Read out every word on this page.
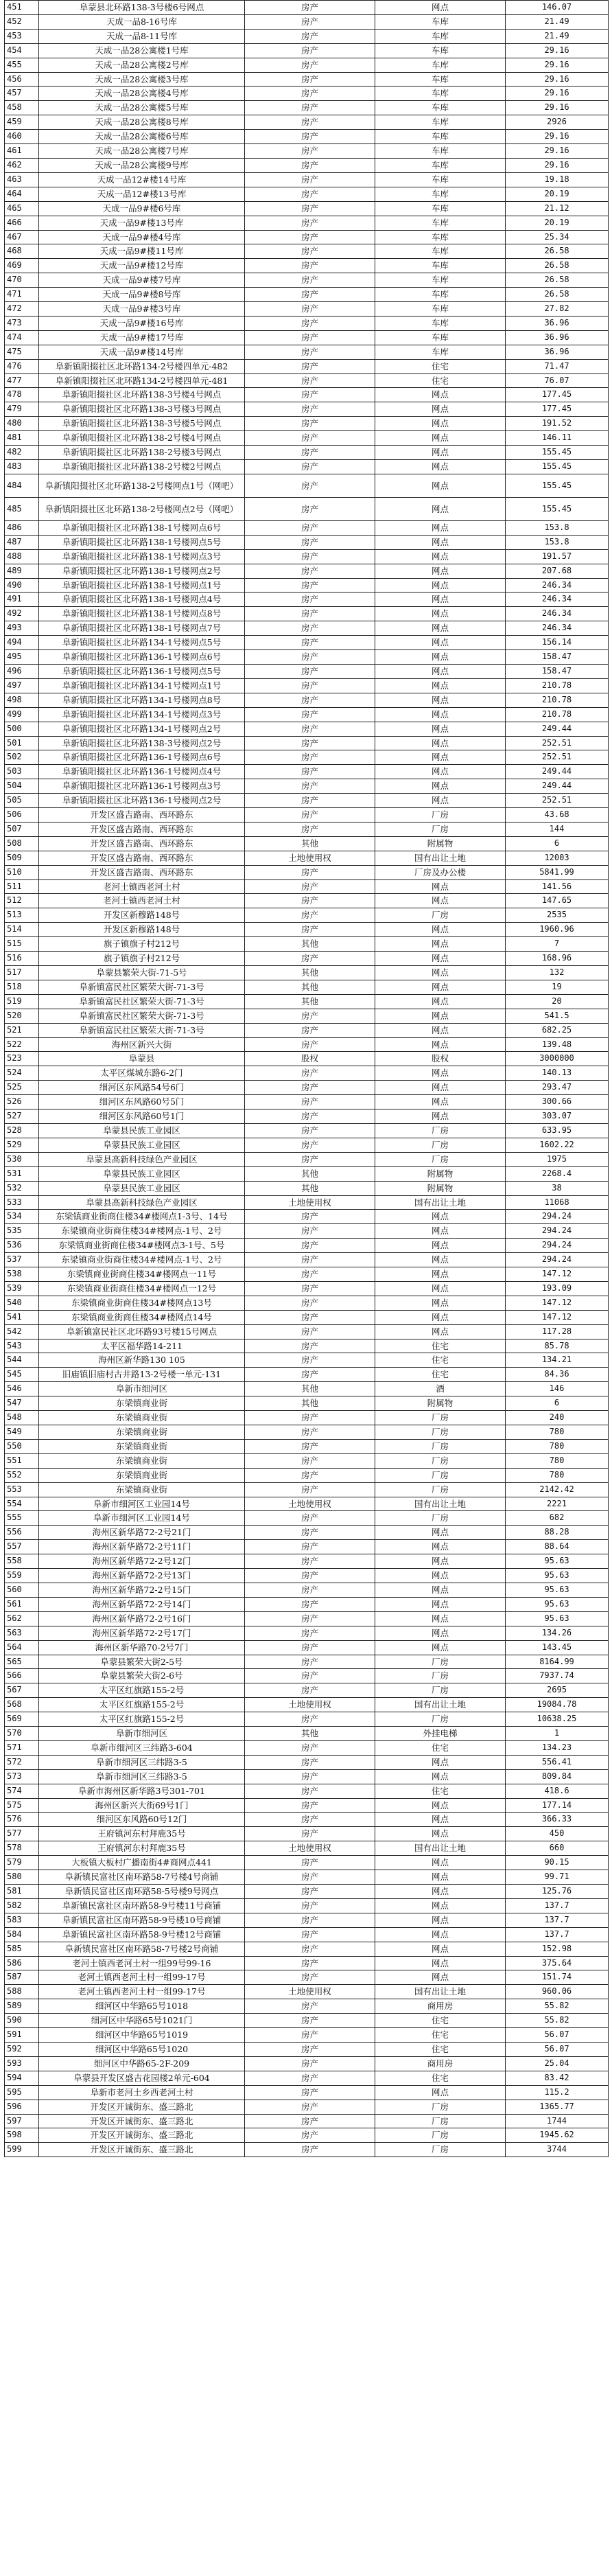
451	阜蒙县北环路138-3号楼6号网点	房产	网点	146.07
452	天成一品8-16号库	房产	车库	21.49
453	天成一品8-11号库	房产	车库	21.49
454	天成一品28公寓楼1号库	房产	车库	29.16
455	天成一品28公寓楼2号库	房产	车库	29.16
456	天成一品28公寓楼3号库	房产	车库	29.16
457	天成一品28公寓楼4号库	房产	车库	29.16
458	天成一品28公寓楼5号库	房产	车库	29.16
459	天成一品28公寓楼8号库	房产	车库	2926
460	天成一品28公寓楼6号库	房产	车库	29.16
461	天成一品28公寓楼7号库	房产	车库	29.16
462	天成一品28公寓楼9号库	房产	车库	29.16
463	天成一品12#楼14号库	房产	车库	19.18
464	天成一品12#楼13号库	房产	车库	20.19
465	天成一品9#楼6号库	房产	车库	21.12
466	天成一品9#楼13号库	房产	车库	20.19
467	天成一品9#楼4号库	房产	车库	25.34
468	天成一品9#楼11号库	房产	车库	26.58
469	天成一品9#楼12号库	房产	车库	26.58
470	天成一品9#楼7号库	房产	车库	26.58
471	天成一品9#楼8号库	房产	车库	26.58
472	天成一品9#楼3号库	房产	车库	27.82
473	天成一品9#楼16号库	房产	车库	36.96
474	天成一品9#楼17号库	房产	车库	36.96
475	天成一品9#楼14号库	房产	车库	36.96
476	阜新镇阳掇社区北环路134-2号楼四单元-482	房产	住宅	71.47
477	阜新镇阳掇社区北环路134-2号楼四单元-481	房产	住宅	76.07
478	阜新镇阳掇社区北环路138-3号楼4号网点	房产	网点	177.45
479	阜新镇阳掇社区北环路138-3号楼3号网点	房产	网点	177.45
480	阜新镇阳掇社区北环路138-3号楼5号网点	房产	网点	191.52
481	阜新镇阳掇社区北环路138-2号楼4号网点	房产	网点	146.11
482	阜新镇阳掇社区北环路138-2号楼3号网点	房产	网点	155.45
483	阜新镇阳掇社区北环路138-2号楼2号网点	房产	网点	155.45
484	阜新镇阳掇社区北环路138-2号楼网点1号（网吧）	房产	网点	155.45
485	阜新镇阳掇社区北环路138-2号楼网点2号（网吧）	房产	网点	155.45
486	阜新镇阳掇社区北环路138-1号楼网点6号	房产	网点	153.8
487	阜新镇阳掇社区北环路138-1号楼网点5号	房产	网点	153.8
488	阜新镇阳掇社区北环路138-1号楼网点3号	房产	网点	191.57
489	阜新镇阳掇社区北环路138-1号楼网点2号	房产	网点	207.68
490	阜新镇阳掇社区北环路138-1号楼网点1号	房产	网点	246.34
491	阜新镇阳掇社区北环路138-1号楼网点4号	房产	网点	246.34
492	阜新镇阳掇社区北环路138-1号楼网点8号	房产	网点	246.34
493	阜新镇阳掇社区北环路138-1号楼网点7号	房产	网点	246.34
494	阜新镇阳掇社区北环路134-1号楼网点5号	房产	网点	156.14
495	阜新镇阳掇社区北环路136-1号楼网点6号	房产	网点	158.47
496	阜新镇阳掇社区北环路136-1号楼网点5号	房产	网点	158.47
497	阜新镇阳掇社区北环路134-1号楼网点1号	房产	网点	210.78
498	阜新镇阳掇社区北环路134-1号楼网点8号	房产	网点	210.78
499	阜新镇阳掇社区北环路134-1号楼网点3号	房产	网点	210.78
500	阜新镇阳掇社区北环路134-1号楼网点2号	房产	网点	249.44
501	阜新镇阳掇社区北环路138-3号楼网点2号	房产	网点	252.51
502	阜新镇阳掇社区北环路136-1号楼网点6号	房产	网点	252.51
503	阜新镇阳掇社区北环路136-1号楼网点4号	房产	网点	249.44
504	阜新镇阳掇社区北环路136-1号楼网点3号	房产	网点	249.44
505	阜新镇阳掇社区北环路136-1号楼网点2号	房产	网点	252.51
506	开发区盛吉路南、西环路东	房产	厂房	43.68
507	开发区盛吉路南、西环路东	房产	厂房	144
508	开发区盛吉路南、西环路东	其他	附属物	6
509	开发区盛吉路南、西环路东	土地使用权	国有出让土地	12003
510	开发区盛吉路南、西环路东	房产	厂房及办公楼	5841.99
511	老河土镇西老河土村	房产	网点	141.56
512	老河土镇西老河土村	房产	网点	147.65
513	开发区新穆路148号	房产	厂房	2535
514	开发区新穆路148号	房产	网点	1960.96
515	旗子镇旗子村212号	其他	网点	7
516	旗子镇旗子村212号	房产	网点	168.96
517	阜蒙县繁荣大街-71-5号	其他	网点	132
518	阜新镇富民社区繁荣大街-71-3号	其他	网点	19
519	阜新镇富民社区繁荣大街-71-3号	其他	网点	20
520	阜新镇富民社区繁荣大街-71-3号	房产	网点	541.5
521	阜新镇富民社区繁荣大街-71-3号	房产	网点	682.25
522	海州区新兴大街	房产	网点	139.48
523	阜蒙县	股权	股权	3000000
524	太平区煤城东路6-2门	房产	网点	140.13
525	细河区东风路54号6门	房产	网点	293.47
526	细河区东风路60号5门	房产	网点	300.66
527	细河区东风路60号1门	房产	网点	303.07
528	阜蒙县民族工业园区	房产	厂房	633.95
529	阜蒙县民族工业园区	房产	厂房	1602.22
530	阜蒙县高新科技绿色产业园区	房产	厂房	1975
531	阜蒙县民族工业园区	其他	附属物	2268.4
532	阜蒙县民族工业园区	其他	附属物	38
533	阜蒙县高新科技绿色产业园区	土地使用权	国有出让土地	11068
534	东梁镇商业街商住楼34#楼网点1-3号、14号	房产	网点	294.24
535	东梁镇商业街商住楼34#楼网点-1号、2号	房产	网点	294.24
536	东梁镇商业街商住楼34#楼网点3-1号、5号	房产	网点	294.24
537	东梁镇商业街商住楼34#楼网点-1号、2号	房产	网点	294.24
538	东梁镇商业街商住楼34#楼网点一11号	房产	网点	147.12
539	东梁镇商业街商住楼34#楼网点一12号	房产	网点	193.09
540	东梁镇商业街商住楼34#楼网点13号	房产	网点	147.12
541	东梁镇商业街商住楼34#楼网点14号	房产	网点	147.12
542	阜新镇富民社区北环路93号楼15号网点	房产	网点	117.28
543	太平区福华路14-211	房产	住宅	85.78
544	海州区新华路130 105	房产	住宅	134.21
545	旧庙镇旧庙村古井路13-2号楼一单元-131	房产	住宅	84.36
546	阜新市细河区	其他	酒	146
547	东梁镇商业街	其他	附属物	6
548	东梁镇商业街	房产	厂房	240
549	东梁镇商业街	房产	厂房	780
550	东梁镇商业街	房产	厂房	780
551	东梁镇商业街	房产	厂房	780
552	东梁镇商业街	房产	厂房	780
553	东梁镇商业街	房产	厂房	2142.42
554	阜新市细河区工业园14号	土地使用权	国有出让土地	2221
555	阜新市细河区工业园14号	房产	厂房	682
556	海州区新华路72-2号21门	房产	网点	88.28
557	海州区新华路72-2号11门	房产	网点	88.64
558	海州区新华路72-2号12门	房产	网点	95.63
559	海州区新华路72-2号13门	房产	网点	95.63
560	海州区新华路72-2号15门	房产	网点	95.63
561	海州区新华路72-2号14门	房产	网点	95.63
562	海州区新华路72-2号16门	房产	网点	95.63
563	海州区新华路72-2号17门	房产	网点	134.26
564	海州区新华路70-2号7门	房产	网点	143.45
565	阜蒙县繁荣大街2-5号	房产	厂房	8164.99
566	阜蒙县繁荣大街2-6号	房产	厂房	7937.74
567	太平区红旗路155-2号	房产	厂房	2695
568	太平区红旗路155-2号	土地使用权	国有出让土地	19084.78
569	太平区红旗路155-2号	房产	厂房	10638.25
570	阜新市细河区	其他	外挂电梯	1
571	阜新市细河区三纬路3-604	房产	住宅	134.23
572	阜新市细河区三纬路3-5	房产	网点	556.41
573	阜新市细河区三纬路3-5	房产	网点	809.84
574	阜新市海州区新华路3号301-701	房产	住宅	418.6
575	海州区新兴大街69号1门	房产	网点	177.14
576	细河区东风路60号12门	房产	网点	366.33
577	王府镇河东村拜鹿35号	房产	网点	450
578	王府镇河东村拜鹿35号	土地使用权	国有出让土地	660
579	大板镇大板村广播南街4#商网点441	房产	网点	90.15
580	阜新镇民富社区南环路58-7号楼4号商铺	房产	网点	99.71
581	阜新镇民富社区南环路58-5号楼9号网点	房产	网点	125.76
582	阜新镇民富社区南环路58-9号楼11号商铺	房产	网点	137.7
583	阜新镇民富社区南环路58-9号楼10号商铺	房产	网点	137.7
584	阜新镇民富社区南环路58-9号楼12号商铺	房产	网点	137.7
585	阜新镇民富社区南环路58-7号楼2号商铺	房产	网点	152.98
586	老河土镇西老河土村一组99号99-16	房产	网点	375.64
587	老河土镇西老河土村一组99-17号	房产	网点	151.74
588	老河土镇西老河土村一组99-17号	土地使用权	国有出让土地	960.06
589	细河区中华路65号1018	房产	商用房	55.82
590	细河区中华路65号1021门	房产	住宅	55.82
591	细河区中华路65号1019	房产	住宅	56.07
592	细河区中华路65号1020	房产	住宅	56.07
593	细河区中华路65-2F-209	房产	商用房	25.04
594	阜蒙县开发区盛吉花园楼2单元-604	房产	住宅	83.42
595	阜新市老河土乡西老河土村	房产	网点	115.2
596	开发区开诚街东、盛三路北	房产	厂房	1365.77
597	开发区开诚街东、盛三路北	房产	厂房	1744
598	开发区开诚街东、盛三路北	房产	厂房	1945.62
599	开发区开诚街东、盛三路北	房产	厂房	3744
